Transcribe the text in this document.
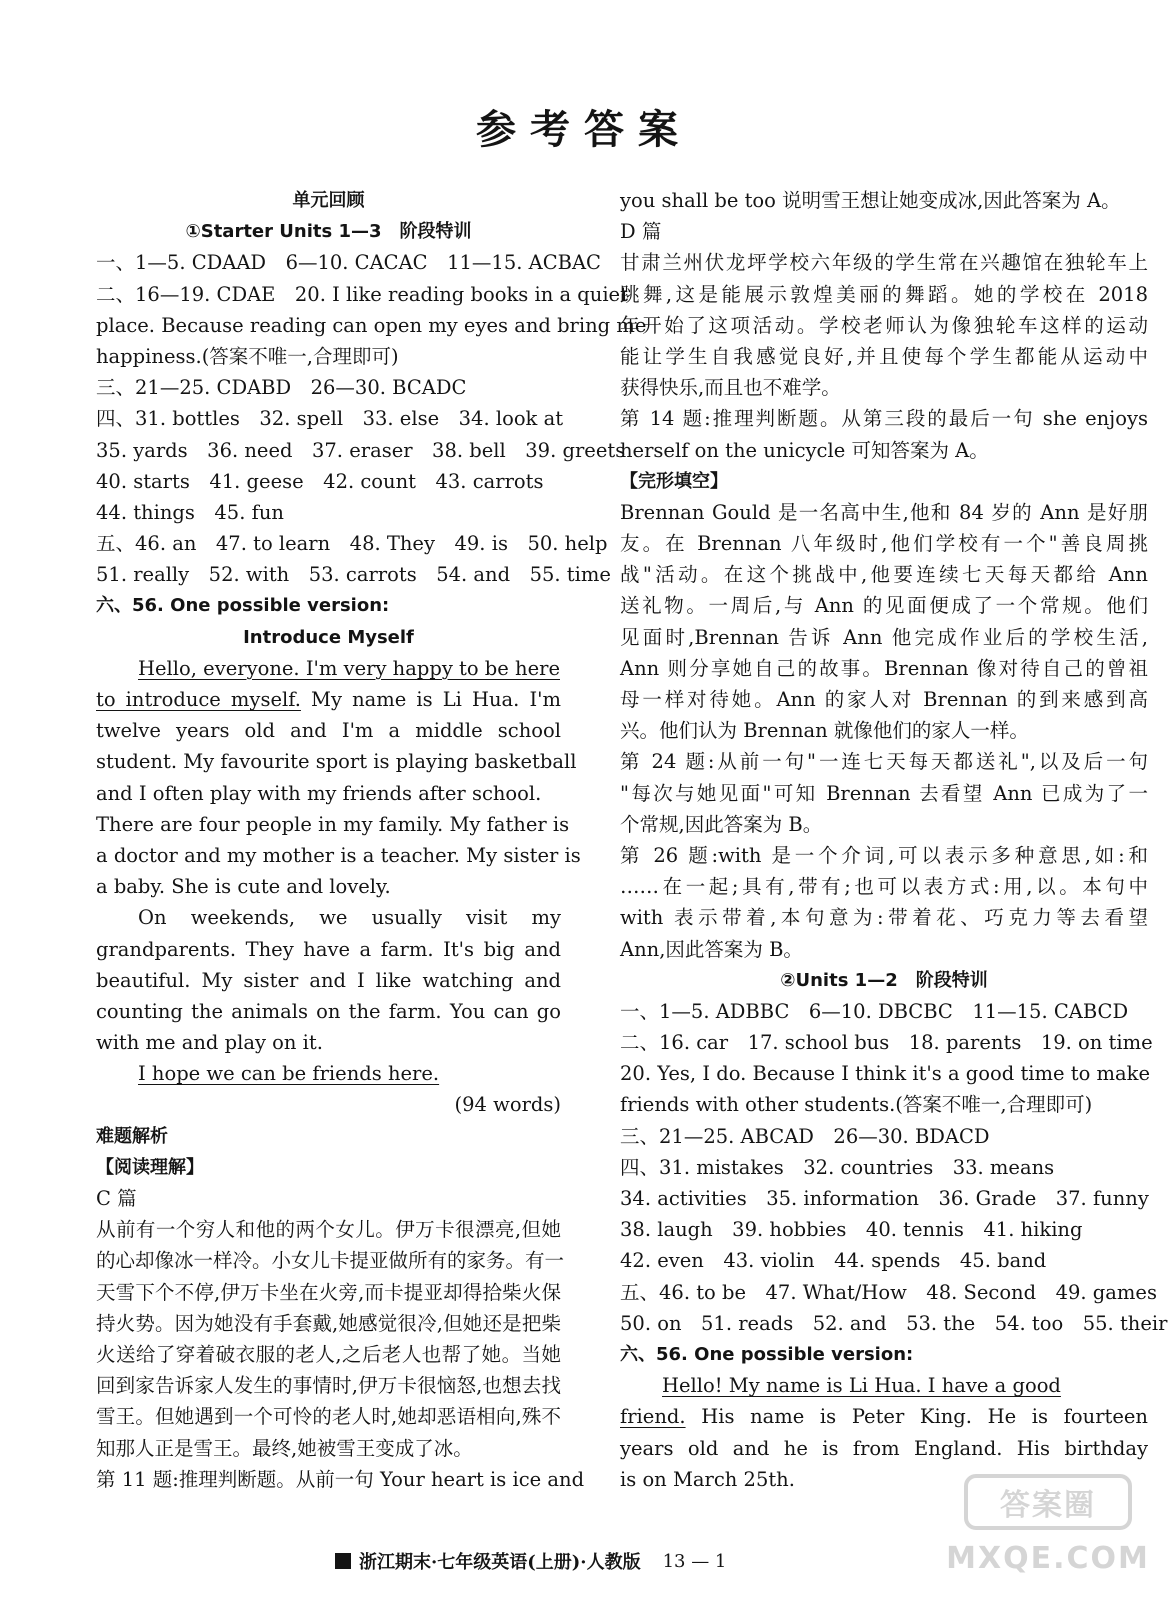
参考答案
单元回顾
①Starter Units 1—3　阶段特训
一、1—5. CDAAD　6—10. CACAC　11—15. ACBAC
二、16—19. CDAE　20. I like reading books in a quiet
place. Because reading can open my eyes and bring me
happiness.(答案不唯一,合理即可)
三、21—25. CDABD　26—30. BCADC
四、31. bottles　32. spell　33. else　34. look at
35. yards　36. need　37. eraser　38. bell　39. greets
40. starts　41. geese　42. count　43. carrots
44. things　45. fun
五、46. an　47. to learn　48. They　49. is　50. help
51. really　52. with　53. carrots　54. and　55. time
六、56. One possible version:
Introduce Myself
Hello, everyone. I'm very happy to be here
to introduce myself. My name is Li Hua. I'm
twelve years old and I'm a middle school
student. My favourite sport is playing basketball
and I often play with my friends after school.
There are four people in my family. My father is
a doctor and my mother is a teacher. My sister is
a baby. She is cute and lovely.
On weekends, we usually visit my
grandparents. They have a farm. It's big and
beautiful. My sister and I like watching and
counting the animals on the farm. You can go
with me and play on it.
I hope we can be friends here.
(94 words)
难题解析
【阅读理解】
C 篇
从前有一个穷人和他的两个女儿。伊万卡很漂亮,但她
的心却像冰一样冷。小女儿卡提亚做所有的家务。有一
天雪下个不停,伊万卡坐在火旁,而卡提亚却得拾柴火保
持火势。因为她没有手套戴,她感觉很冷,但她还是把柴
火送给了穿着破衣服的老人,之后老人也帮了她。当她
回到家告诉家人发生的事情时,伊万卡很恼怒,也想去找
雪王。但她遇到一个可怜的老人时,她却恶语相向,殊不
知那人正是雪王。最终,她被雪王变成了冰。
第 11 题:推理判断题。从前一句 Your heart is ice and
you shall be too 说明雪王想让她变成冰,因此答案为 A。
D 篇
甘肃兰州伏龙坪学校六年级的学生常在兴趣馆在独轮车上
跳舞,这是能展示敦煌美丽的舞蹈。她的学校在 2018
年开始了这项活动。学校老师认为像独轮车这样的运动
能让学生自我感觉良好,并且使每个学生都能从运动中
获得快乐,而且也不难学。
第 14 题:推理判断题。从第三段的最后一句 she enjoys
herself on the unicycle 可知答案为 A。
【完形填空】
Brennan Gould 是一名高中生,他和 84 岁的 Ann 是好朋
友。在 Brennan 八年级时,他们学校有一个"善良周挑
战"活动。在这个挑战中,他要连续七天每天都给 Ann
送礼物。一周后,与 Ann 的见面便成了一个常规。他们
见面时,Brennan 告诉 Ann 他完成作业后的学校生活,
Ann 则分享她自己的故事。Brennan 像对待自己的曾祖
母一样对待她。Ann 的家人对 Brennan 的到来感到高
兴。他们认为 Brennan 就像他们的家人一样。
第 24 题:从前一句"一连七天每天都送礼",以及后一句
"每次与她见面"可知 Brennan 去看望 Ann 已成为了一
个常规,因此答案为 B。
第 26 题:with 是一个介词,可以表示多种意思,如:和
……在一起;具有,带有;也可以表方式:用,以。本句中
with 表示带着,本句意为:带着花、巧克力等去看望
Ann,因此答案为 B。
②Units 1—2　阶段特训
一、1—5. ADBBC　6—10. DBCBC　11—15. CABCD
二、16. car　17. school bus　18. parents　19. on time
20. Yes, I do. Because I think it's a good time to make
friends with other students.(答案不唯一,合理即可)
三、21—25. ABCAD　26—30. BDACD
四、31. mistakes　32. countries　33. means
34. activities　35. information　36. Grade　37. funny
38. laugh　39. hobbies　40. tennis　41. hiking
42. even　43. violin　44. spends　45. band
五、46. to be　47. What/How　48. Second　49. games
50. on　51. reads　52. and　53. the　54. too　55. their
六、56. One possible version:
Hello! My name is Li Hua. I have a good
friend. His name is Peter King. He is fourteen
years old and he is from England. His birthday
is on March 25th.
浙江期末·七年级英语(上册)·人教版 13 — 1
答案圈
MXQE.COM
